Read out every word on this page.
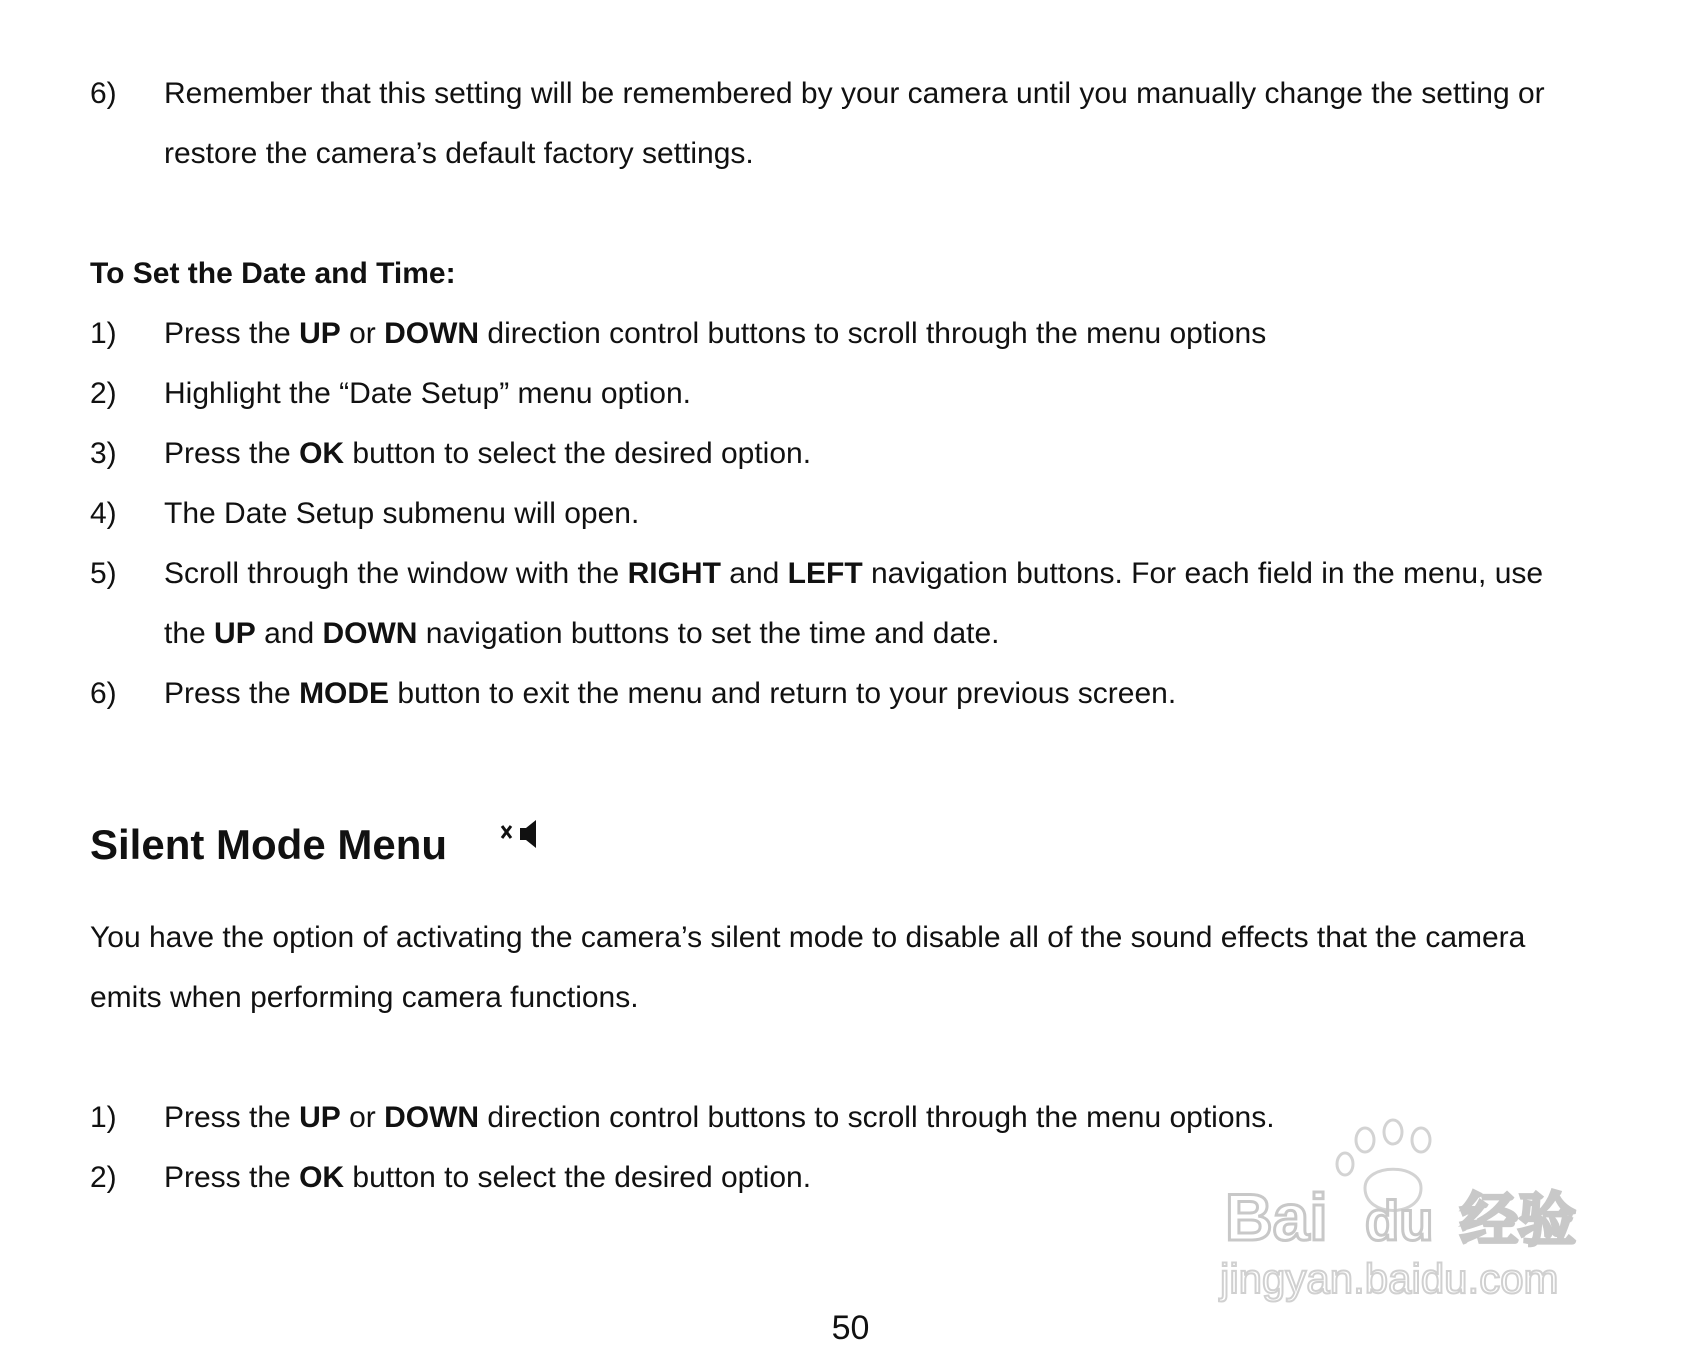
6) Remember that this setting will be remembered by your camera until you manually change the setting or
restore the camera’s default factory settings.
To Set the Date and Time:
1) Press the UP or DOWN direction control buttons to scroll through the menu options
2) Highlight the “Date Setup” menu option.
3) Press the OK button to select the desired option.
4) The Date Setup submenu will open.
5) Scroll through the window with the RIGHT and LEFT navigation buttons. For each field in the menu, use
the UP and DOWN navigation buttons to set the time and date.
6) Press the MODE button to exit the menu and return to your previous screen.
Silent Mode Menu
You have the option of activating the camera’s silent mode to disable all of the sound effects that the camera
emits when performing camera functions.
1) Press the UP or DOWN direction control buttons to scroll through the menu options.
2) Press the OK button to select the desired option.
Bai du 经验
jingyan.baidu.com
50
